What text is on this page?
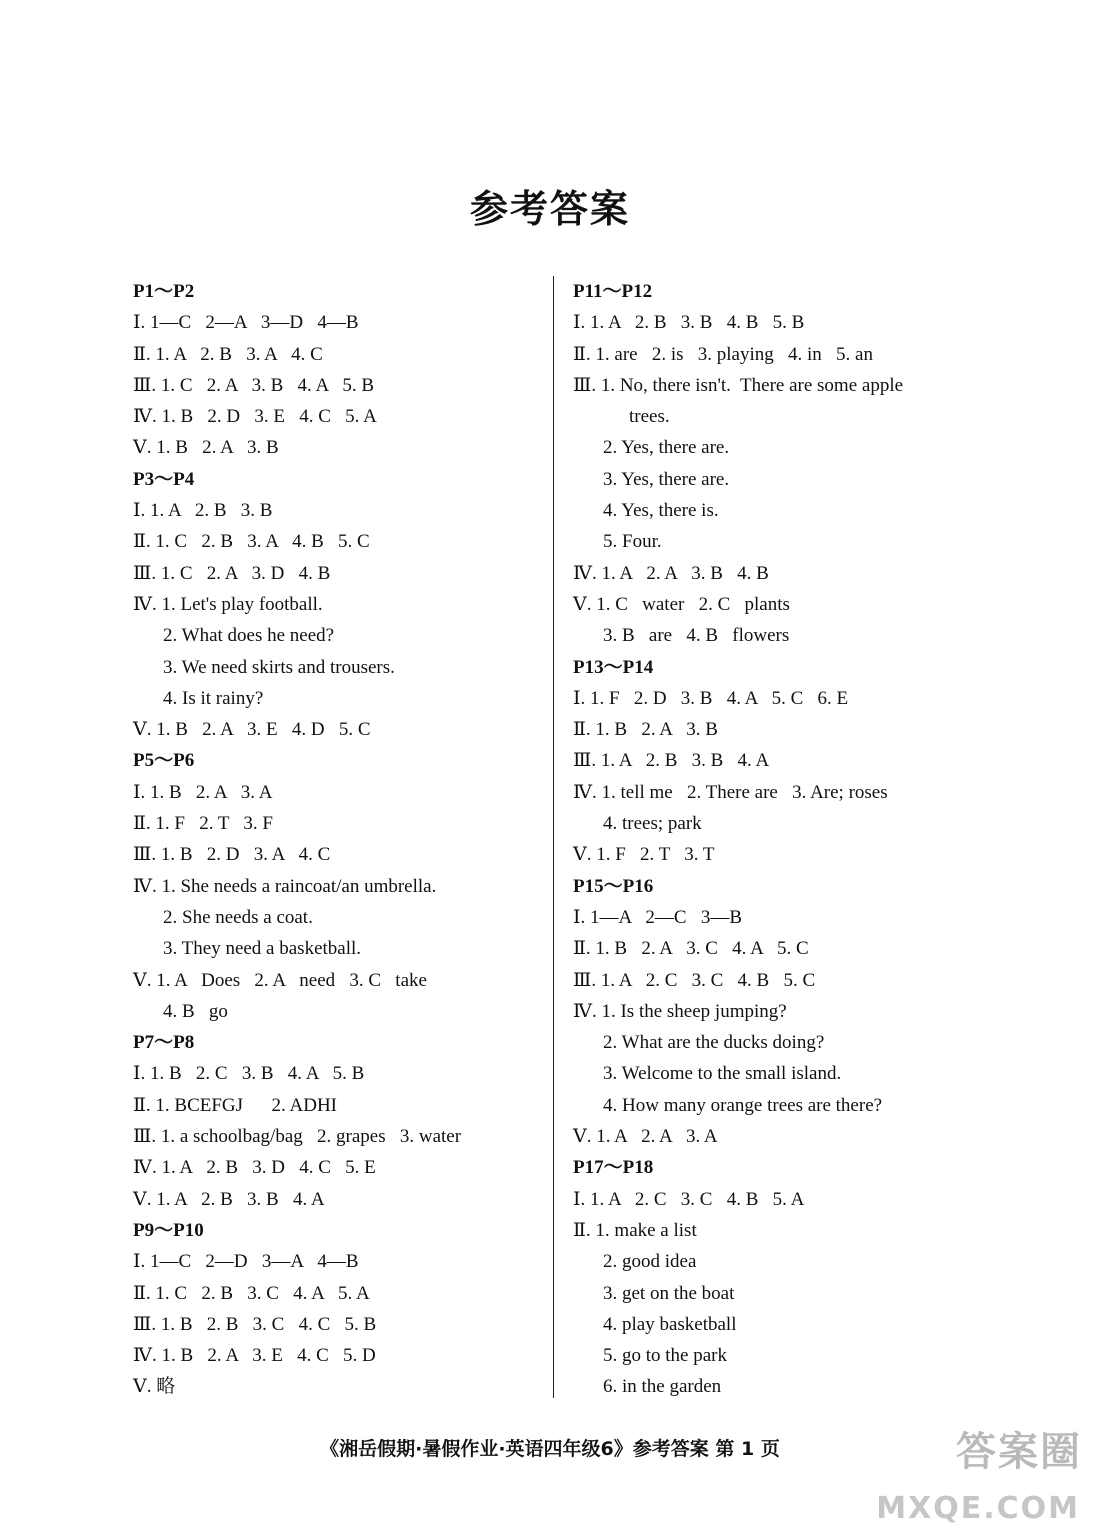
参考答案
P1～P2
Ⅰ. 1—C   2—A   3—D   4—B
Ⅱ. 1. A   2. B   3. A   4. C
Ⅲ. 1. C   2. A   3. B   4. A   5. B
Ⅳ. 1. B   2. D   3. E   4. C   5. A
Ⅴ. 1. B   2. A   3. B
P3～P4
Ⅰ. 1. A   2. B   3. B
Ⅱ. 1. C   2. B   3. A   4. B   5. C
Ⅲ. 1. C   2. A   3. D   4. B
Ⅳ. 1. Let's play football.
2. What does he need?
3. We need skirts and trousers.
4. Is it rainy?
Ⅴ. 1. B   2. A   3. E   4. D   5. C
P5～P6
Ⅰ. 1. B   2. A   3. A
Ⅱ. 1. F   2. T   3. F
Ⅲ. 1. B   2. D   3. A   4. C
Ⅳ. 1. She needs a raincoat/an umbrella.
2. She needs a coat.
3. They need a basketball.
Ⅴ. 1. A   Does   2. A   need   3. C   take
4. B   go
P7～P8
Ⅰ. 1. B   2. C   3. B   4. A   5. B
Ⅱ. 1. BCEFGJ      2. ADHI
Ⅲ. 1. a schoolbag/bag   2. grapes   3. water
Ⅳ. 1. A   2. B   3. D   4. C   5. E
Ⅴ. 1. A   2. B   3. B   4. A
P9～P10
Ⅰ. 1—C   2—D   3—A   4—B
Ⅱ. 1. C   2. B   3. C   4. A   5. A
Ⅲ. 1. B   2. B   3. C   4. C   5. B
Ⅳ. 1. B   2. A   3. E   4. C   5. D
Ⅴ. 略
P11～P12
Ⅰ. 1. A   2. B   3. B   4. B   5. B
Ⅱ. 1. are   2. is   3. playing   4. in   5. an
Ⅲ. 1. No, there isn't.  There are some apple
trees.
2. Yes, there are.
3. Yes, there are.
4. Yes, there is.
5. Four.
Ⅳ. 1. A   2. A   3. B   4. B
Ⅴ. 1. C   water   2. C   plants
3. B   are   4. B   flowers
P13～P14
Ⅰ. 1. F   2. D   3. B   4. A   5. C   6. E
Ⅱ. 1. B   2. A   3. B
Ⅲ. 1. A   2. B   3. B   4. A
Ⅳ. 1. tell me   2. There are   3. Are; roses
4. trees; park
Ⅴ. 1. F   2. T   3. T
P15～P16
Ⅰ. 1—A   2—C   3—B
Ⅱ. 1. B   2. A   3. C   4. A   5. C
Ⅲ. 1. A   2. C   3. C   4. B   5. C
Ⅳ. 1. Is the sheep jumping?
2. What are the ducks doing?
3. Welcome to the small island.
4. How many orange trees are there?
Ⅴ. 1. A   2. A   3. A
P17～P18
Ⅰ. 1. A   2. C   3. C   4. B   5. A
Ⅱ. 1. make a list
2. good idea
3. get on the boat
4. play basketball
5. go to the park
6. in the garden
《湘岳假期·暑假作业·英语四年级6》参考答案 第 1 页	答案圈
MXQE.COM
